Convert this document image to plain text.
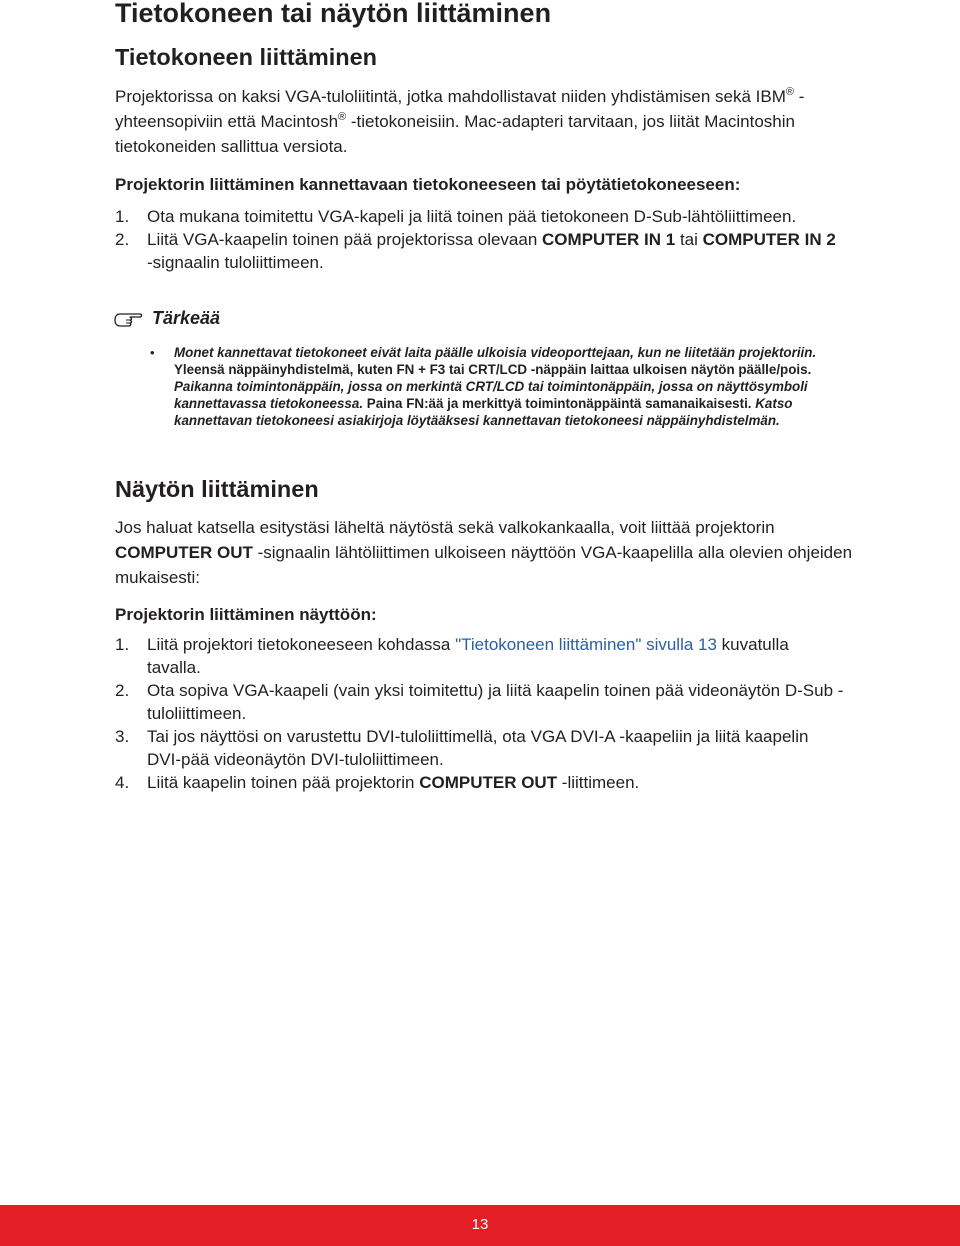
Tietokoneen tai näytön liittäminen
Tietokoneen liittäminen

Projektorissa on kaksi VGA-tuloliitintä, jotka mahdollistavat niiden yhdistämisen sekä IBM® -yhteensopiviin että Macintosh® -tietokoneisiin. Mac-adapteri tarvitaan, jos liität Macintoshin tietokoneiden sallittua versiota.

Projektorin liittäminen kannettavaan tietokoneeseen tai pöytätietokoneeseen:
1.	Ota mukana toimitettu VGA-kapeli ja liitä toinen pää tietokoneen D-Sub-lähtöliittimeen.
2.	Liitä VGA-kaapelin toinen pää projektorissa olevaan COMPUTER IN 1 tai COMPUTER IN 2 -signaalin tuloliittimeen.
Tärkeää
•	Monet kannettavat tietokoneet eivät laita päälle ulkoisia videoporttejaan, kun ne liitetään projektoriin. Yleensä näppäinyhdistelmä, kuten FN + F3 tai CRT/LCD -näppäin laittaa ulkoisen näytön päälle/pois. Paikanna toimintonäppäin, jossa on merkintä CRT/LCD tai toimintonäppäin, jossa on näyttösymboli kannettavassa tietokoneessa. Paina FN:ää ja merkittyä toimintonäppäintä samanaikaisesti. Katso kannettavan tietokoneesi asiakirjoja löytääksesi kannettavan tietokoneesi näppäinyhdistelmän.
Näytön liittäminen

Jos haluat katsella esitystäsi läheltä näytöstä sekä valkokankaalla, voit liittää projektorin COMPUTER OUT -signaalin lähtöliittimen ulkoiseen näyttöön VGA-kaapelilla alla olevien ohjeiden mukaisesti:

Projektorin liittäminen näyttöön:
1.	Liitä projektori tietokoneeseen kohdassa "Tietokoneen liittäminen" sivulla 13 kuvatulla tavalla.
2.	Ota sopiva VGA-kaapeli (vain yksi toimitettu) ja liitä kaapelin toinen pää videonäytön D-Sub -tuloliittimeen.
3.	Tai jos näyttösi on varustettu DVI-tuloliittimellä, ota VGA DVI-A -kaapeliin ja liitä kaapelin DVI-pää videonäytön DVI-tuloliittimeen.
4.	Liitä kaapelin toinen pää projektorin COMPUTER OUT -liittimeen.
13
